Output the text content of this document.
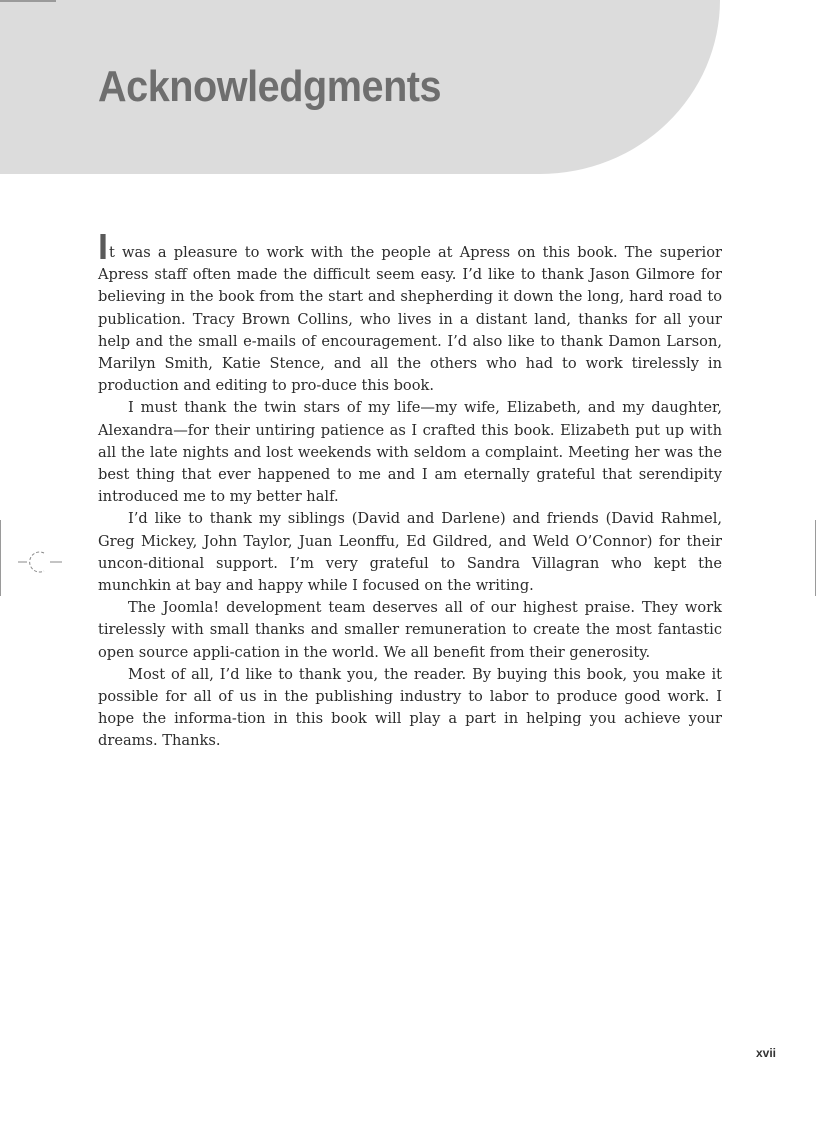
Acknowledgments

It was a pleasure to work with the people at Apress on this book. The superior Apress staff often made the difficult seem easy. I’d like to thank Jason Gilmore for believing in the book from the start and shepherding it down the long, hard road to publication. Tracy Brown Collins, who lives in a distant land, thanks for all your help and the small e-mails of encouragement. I’d also like to thank Damon Larson, Marilyn Smith, Katie Stence, and all the others who had to work tirelessly in production and editing to pro-duce this book.

I must thank the twin stars of my life—my wife, Elizabeth, and my daughter, Alexandra—for their untiring patience as I crafted this book. Elizabeth put up with all the late nights and lost weekends with seldom a complaint. Meeting her was the best thing that ever happened to me and I am eternally grateful that serendipity introduced me to my better half.

I’d like to thank my siblings (David and Darlene) and friends (David Rahmel, Greg Mickey, John Taylor, Juan Leonffu, Ed Gildred, and Weld O’Connor) for their uncon-ditional support. I’m very grateful to Sandra Villagran who kept the munchkin at bay and happy while I focused on the writing.

The Joomla! development team deserves all of our highest praise. They work tirelessly with small thanks and smaller remuneration to create the most fantastic open source appli-cation in the world. We all benefit from their generosity.

Most of all, I’d like to thank you, the reader. By buying this book, you make it possible for all of us in the publishing industry to labor to produce good work. I hope the informa-tion in this book will play a part in helping you achieve your dreams. Thanks.

xvii
